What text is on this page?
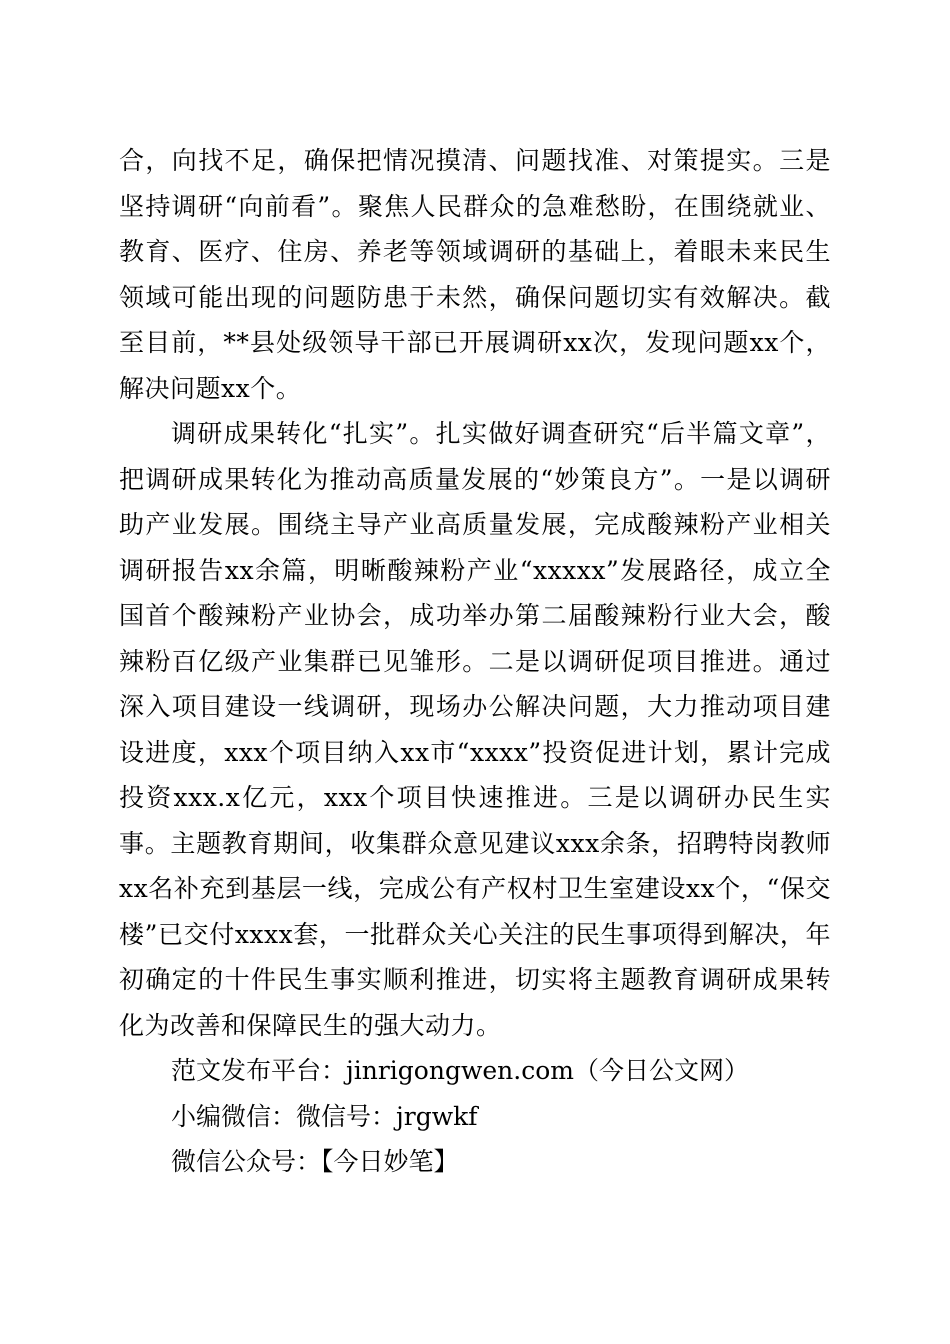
合，向找不足，确保把情况摸清、问题找准、对策提实。三是坚持调研“向前看”。聚焦人民群众的急难愁盼，在围绕就业、教育、医疗、住房、养老等领域调研的基础上，着眼未来民生领域可能出现的问题防患于未然，确保问题切实有效解决。截至目前，**县处级领导干部已开展调研xx次，发现问题xx个，解决问题xx个。

调研成果转化“扎实”。扎实做好调查研究“后半篇文章”，把调研成果转化为推动高质量发展的“妙策良方”。一是以调研助产业发展。围绕主导产业高质量发展，完成酸辣粉产业相关调研报告xx余篇，明晰酸辣粉产业“xxxxx”发展路径，成立全国首个酸辣粉产业协会，成功举办第二届酸辣粉行业大会，酸辣粉百亿级产业集群已见雏形。二是以调研促项目推进。通过深入项目建设一线调研，现场办公解决问题，大力推动项目建设进度，xxx个项目纳入xx市“xxxx”投资促进计划，累计完成投资xxx.x亿元，xxx个项目快速推进。三是以调研办民生实事。主题教育期间，收集群众意见建议xxx余条，招聘特岗教师xx名补充到基层一线，完成公有产权村卫生室建设xx个，“保交楼”已交付xxxx套，一批群众关心关注的民生事项得到解决，年初确定的十件民生事实顺利推进，切实将主题教育调研成果转化为改善和保障民生的强大动力。

范文发布平台：jinrigongwen.com（今日公文网）

小编微信：微信号：jrgwkf

微信公众号：【今日妙笔】
